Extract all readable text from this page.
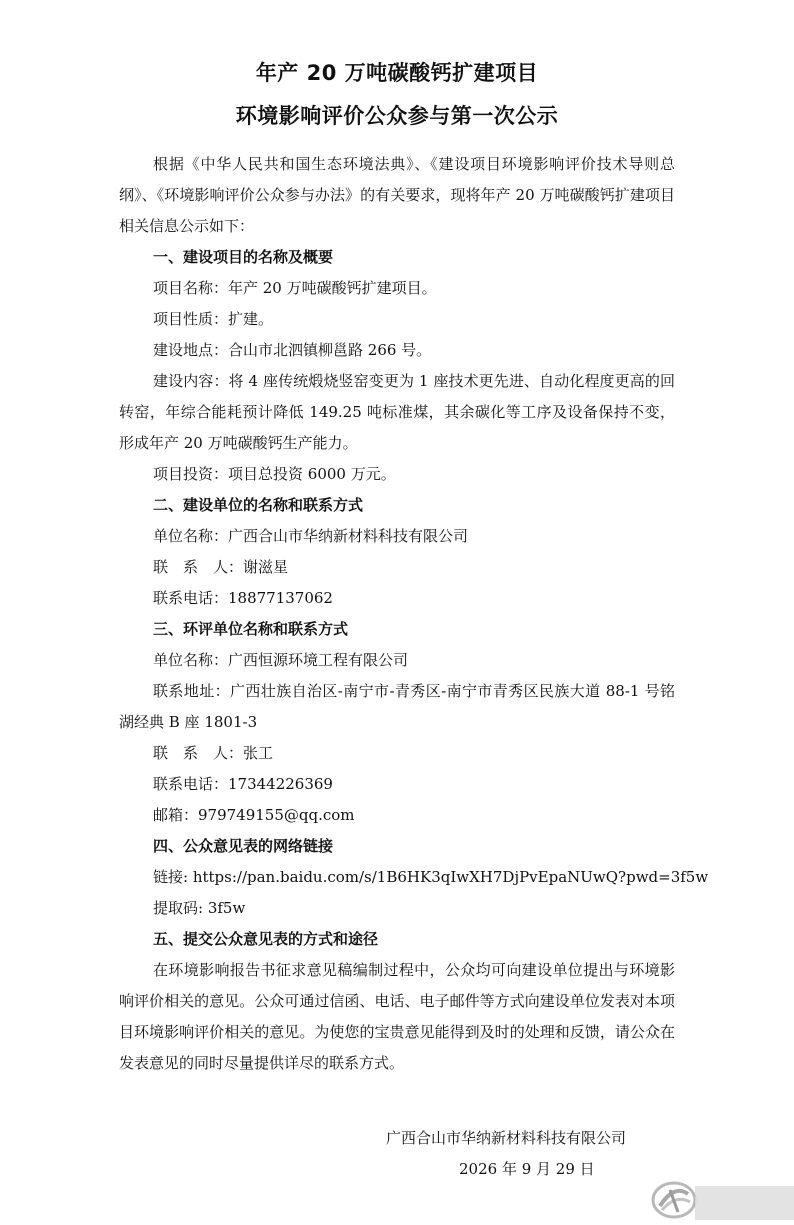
年产 20 万吨碳酸钙扩建项目
环境影响评价公众参与第一次公示

根据《中华人民共和国生态环境法典》、《建设项目环境影响评价技术导则总纲》、《环境影响评价公众参与办法》的有关要求，现将年产 20 万吨碳酸钙扩建项目相关信息公示如下：

一、建设项目的名称及概要

项目名称：年产 20 万吨碳酸钙扩建项目。

项目性质：扩建。

建设地点：合山市北泗镇柳邕路 266 号。

建设内容：将 4 座传统煅烧竖窑变更为 1 座技术更先进、自动化程度更高的回转窑，年综合能耗预计降低 149.25 吨标准煤，其余碳化等工序及设备保持不变，形成年产 20 万吨碳酸钙生产能力。

项目投资：项目总投资 6000 万元。

二、建设单位的名称和联系方式

单位名称：广西合山市华纳新材料科技有限公司

联　系　人：谢滋星

联系电话：18877137062

三、环评单位名称和联系方式

单位名称：广西恒源环境工程有限公司

联系地址：广西壮族自治区-南宁市-青秀区-南宁市青秀区民族大道 88-1 号铭湖经典 B 座 1801-3

联　系　人：张工

联系电话：17344226369

邮箱：979749155@qq.com

四、公众意见表的网络链接

链接: https://pan.baidu.com/s/1B6HK3qIwXH7DjPvEpaNUwQ?pwd=3f5w

提取码: 3f5w

五、提交公众意见表的方式和途径

在环境影响报告书征求意见稿编制过程中，公众均可向建设单位提出与环境影响评价相关的意见。公众可通过信函、电话、电子邮件等方式向建设单位发表对本项目环境影响评价相关的意见。为使您的宝贵意见能得到及时的处理和反馈，请公众在发表意见的同时尽量提供详尽的联系方式。

广西合山市华纳新材料科技有限公司
2026 年 9 月 29 日
